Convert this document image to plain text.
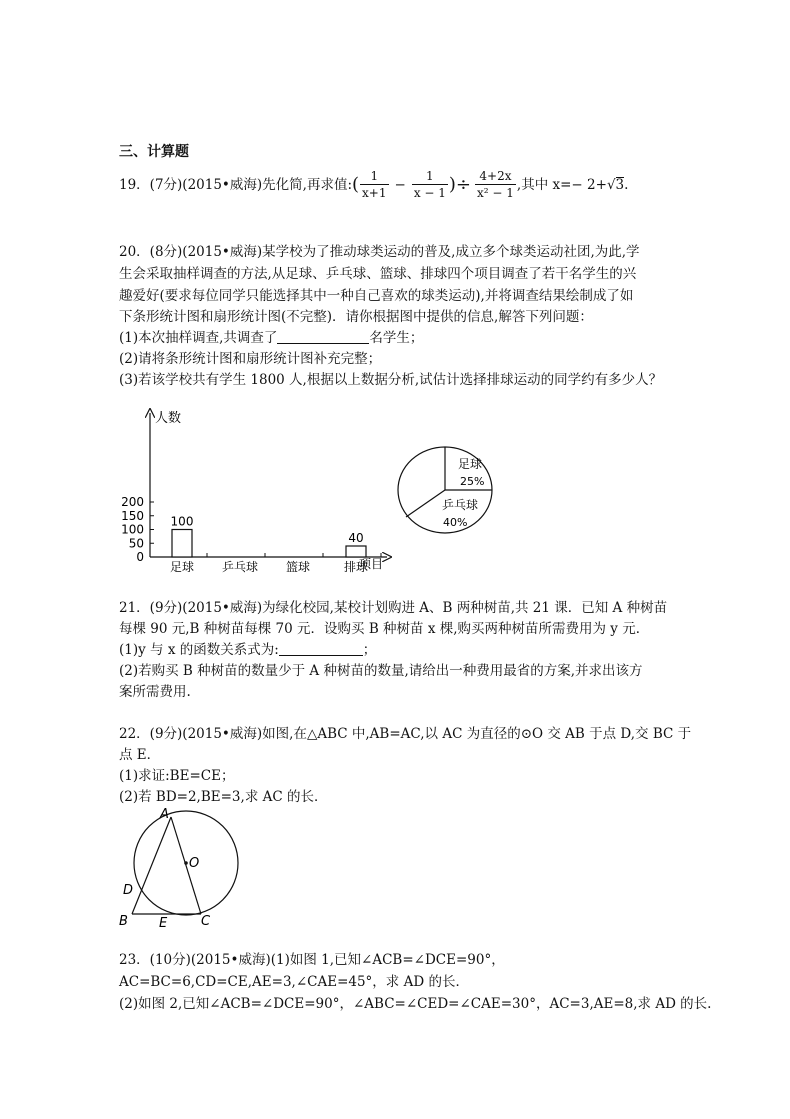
三、计算题
19．(7分)(2015•威海)先化简,再求值: ( $\frac{1}{x+1} - \frac{1}{x - 1}$ )÷ $\frac{4+2x}{\text{x² − 1}}$ ,其中 x=− 2+ √ 3 .
20．(8分)(2015•威海)某学校为了推动球类运动的普及,成立多个球类运动社团,为此,学
生会采取抽样调查的方法,从足球、乒乓球、篮球、排球四个项目调查了若干名学生的兴
趣爱好(要求每位同学只能选择其中一种自己喜欢的球类运动),并将调查结果绘制成了如
下条形统计图和扇形统计图(不完整)．请你根据图中提供的信息,解答下列问题：
(1)本次抽样调查,共调查了	名学生；
(2)请将条形统计图和扇形统计图补充完整；
(3)若该学校共有学生 1800 人,根据以上数据分析,试估计选择排球运动的同学约有多少人？
人数
项目
0
50
100
150
200
100
40
足球 乒乓球 篮球	排球
足球
25%
乒乓球
40%
21．(9分)(2015•威海)为绿化校园,某校计划购进 A、B 两种树苗,共 21 课．已知 A 种树苗
每棵 90 元,B 种树苗每棵 70 元．设购买 B 种树苗 x 棵,购买两种树苗所需费用为 y 元．
(1)y 与 x 的函数关系式为:	；
(2)若购买 B 种树苗的数量少于 A 种树苗的数量,请给出一种费用最省的方案,并求出该方
案所需费用.
22．(9分)(2015•威海)如图,在△ABC 中,AB=AC,以 AC 为直径的⊙O 交 AB 于点 D,交 BC 于
点 E．
(1)求证:BE=CE；
(2)若 BD=2,BE=3,求 AC 的长．
A
O
D
B E	C
23．(10分)(2015•威海)(1)如图 1,已知∠ACB=∠DCE=90°，
AC=BC=6,CD=CE,AE=3,∠CAE=45°，求 AD 的长．
(2)如图 2,已知∠ACB=∠DCE=90°，∠ABC=∠CED=∠CAE=30°，AC=3,AE=8,求 AD 的长.
